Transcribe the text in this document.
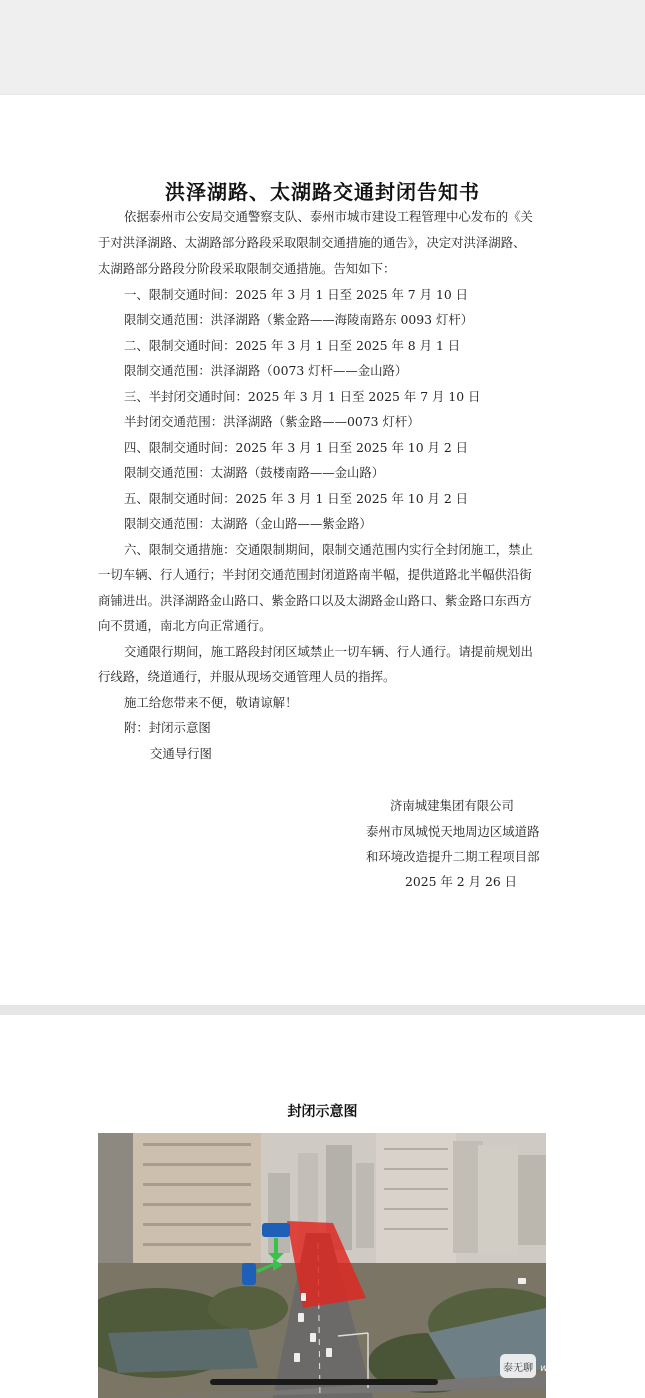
洪泽湖路、太湖路交通封闭告知书
依据泰州市公安局交通警察支队、泰州市城市建设工程管理中心发布的《关
于对洪泽湖路、太湖路部分路段采取限制交通措施的通告》，决定对洪泽湖路、
太湖路部分路段分阶段采取限制交通措施。告知如下：
一、限制交通时间：2025 年 3 月 1 日至 2025 年 7 月 10 日
限制交通范围：洪泽湖路（紫金路——海陵南路东 0093 灯杆）
二、限制交通时间：2025 年 3 月 1 日至 2025 年 8 月 1 日
限制交通范围：洪泽湖路（0073 灯杆——金山路）
三、半封闭交通时间：2025 年 3 月 1 日至 2025 年 7 月 10 日
半封闭交通范围：洪泽湖路（紫金路——0073 灯杆）
四、限制交通时间：2025 年 3 月 1 日至 2025 年 10 月 2 日
限制交通范围：太湖路（鼓楼南路——金山路）
五、限制交通时间：2025 年 3 月 1 日至 2025 年 10 月 2 日
限制交通范围：太湖路（金山路——紫金路）
六、限制交通措施：交通限制期间，限制交通范围内实行全封闭施工，禁止
一切车辆、行人通行；半封闭交通范围封闭道路南半幅，提供道路北半幅供沿街
商铺进出。洪泽湖路金山路口、紫金路口以及太湖路金山路口、紫金路口东西方
向不贯通，南北方向正常通行。
交通限行期间，施工路段封闭区域禁止一切车辆、行人通行。请提前规划出
行线路，绕道通行，并服从现场交通管理人员的指挥。
施工给您带来不便，敬请谅解！
附：封闭示意图
交通导行图
济南城建集团有限公司
泰州市凤城悦天地周边区域道路
和环境改造提升二期工程项目部
2025 年 2 月 26 日
封闭示意图
泰无聊 www.txwl.net
